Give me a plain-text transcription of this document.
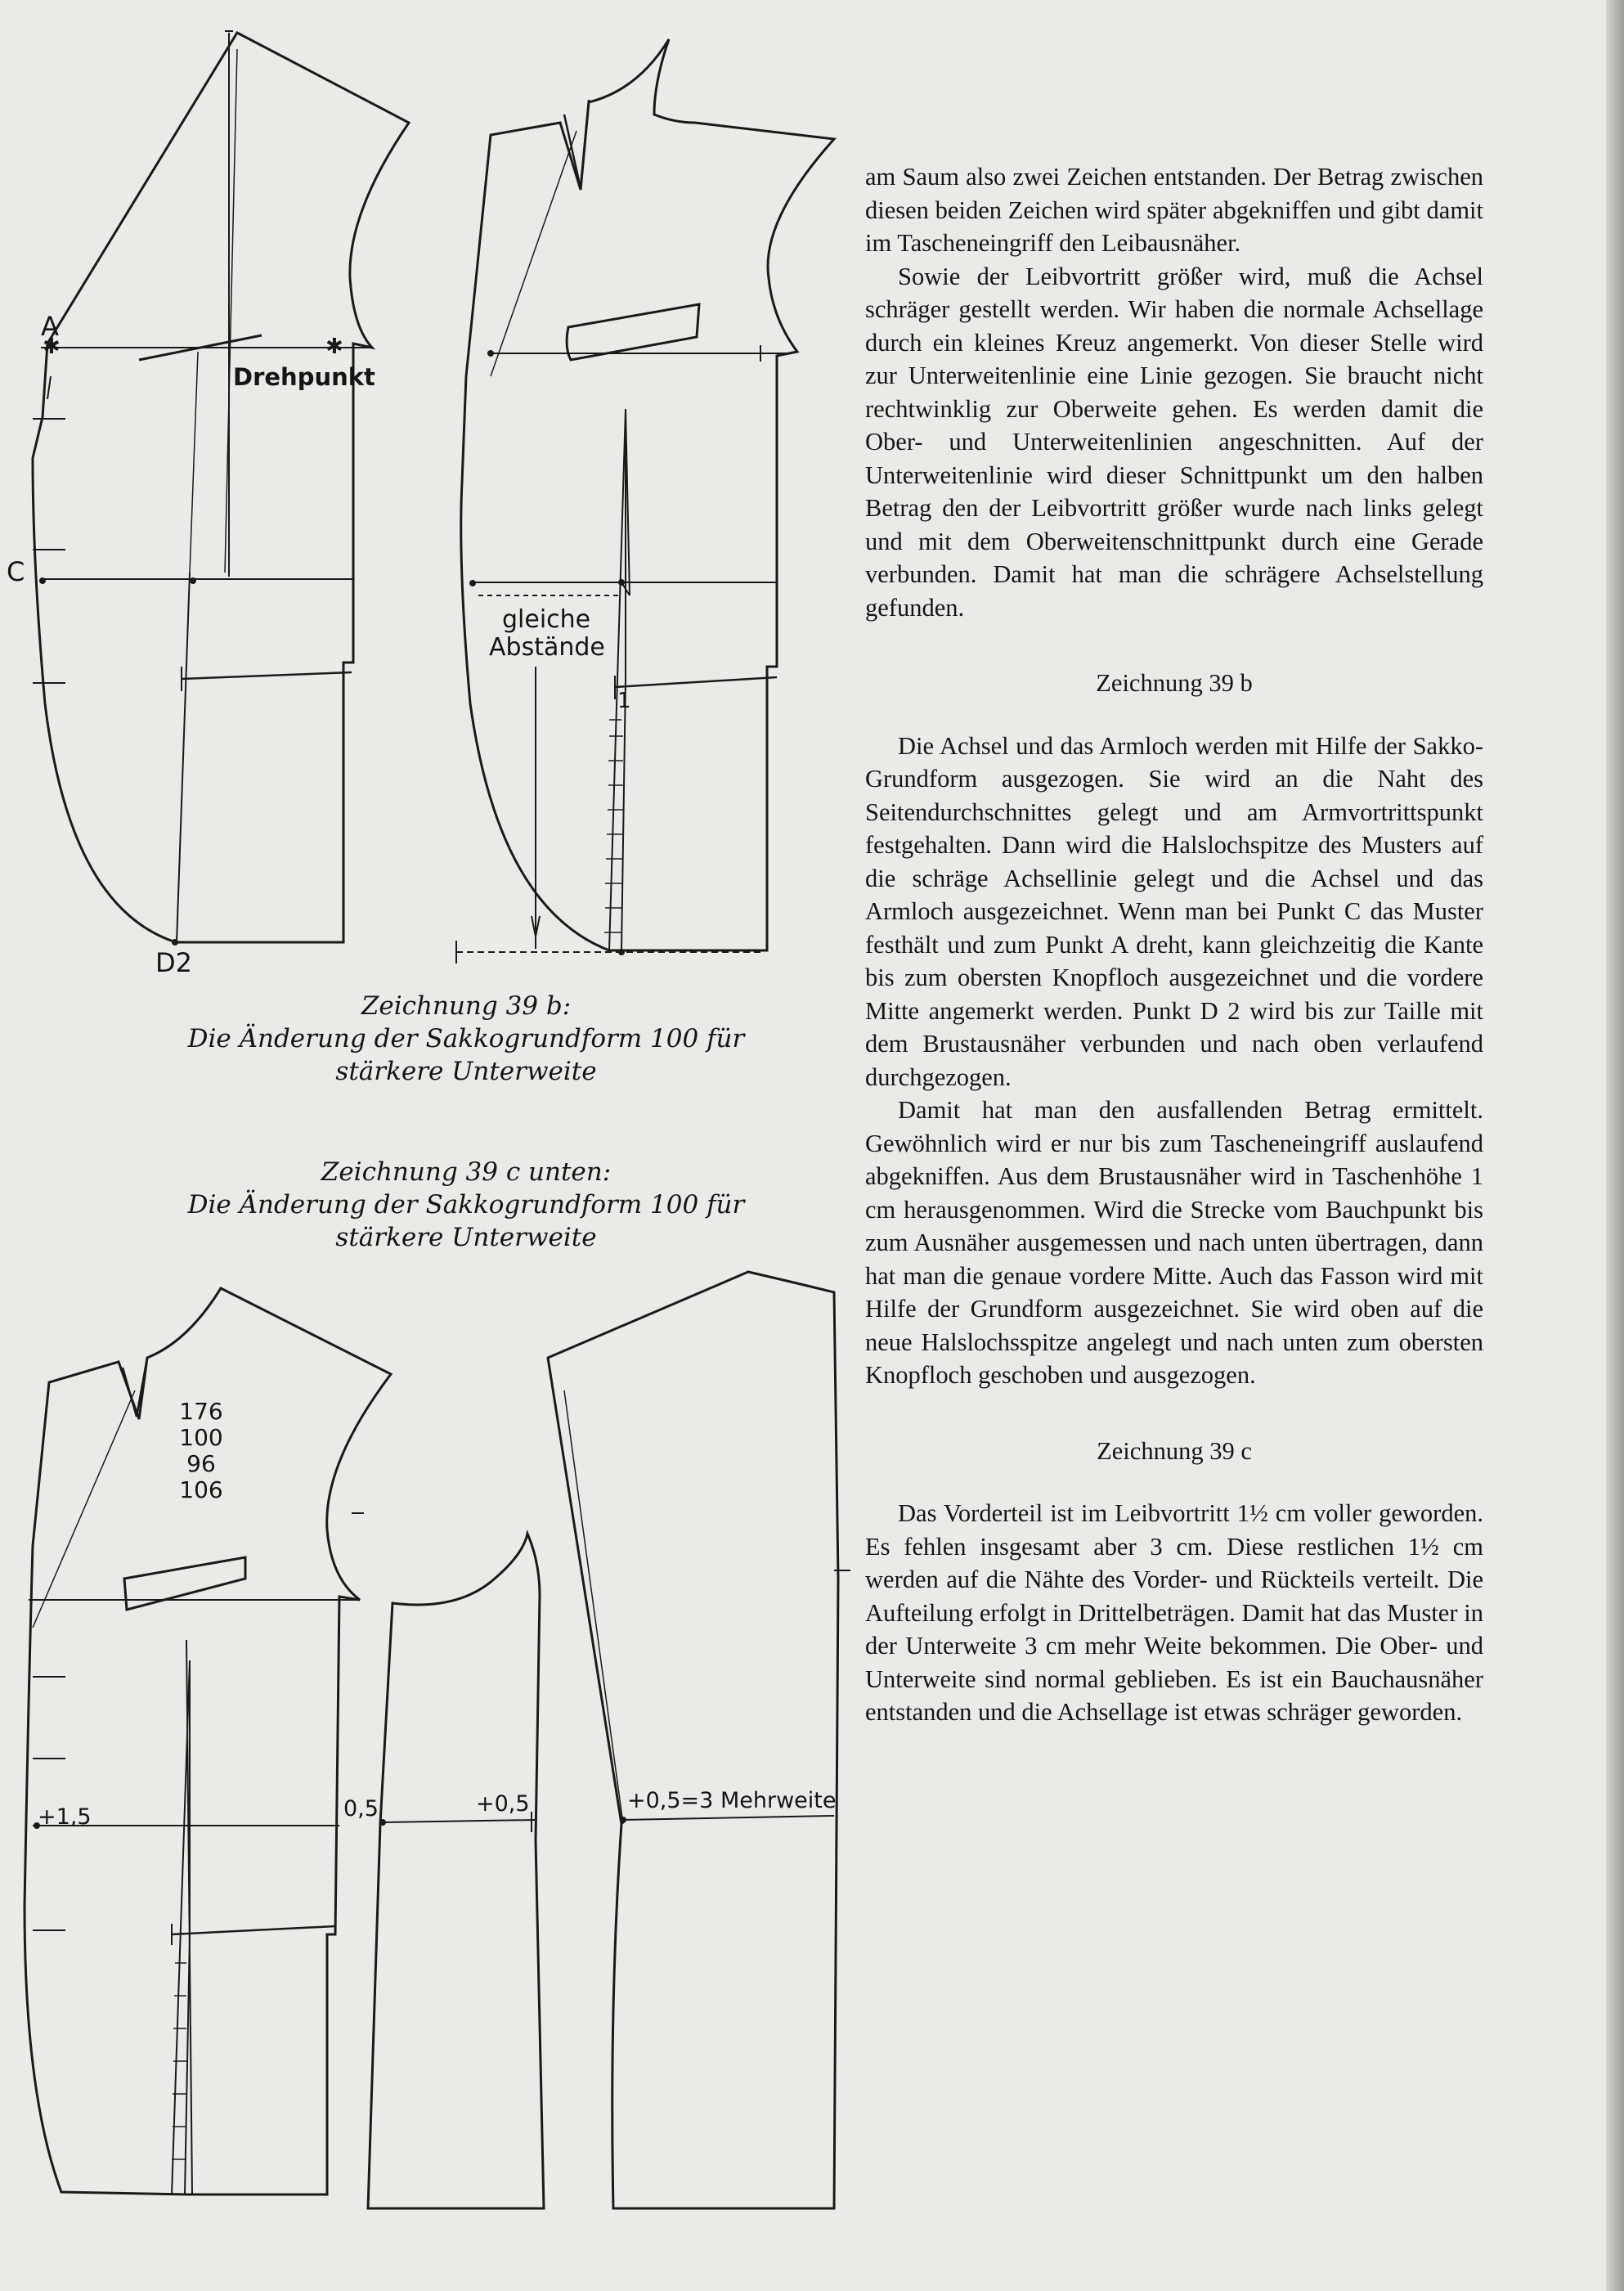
✱	✱
A
C
D2
Drehpunkt
gleiche
Abstände
1
176
100
96
106
+1,5	0,5	+0,5	+0,5=3 Mehrweite
Zeichnung 39 b:
Die Änderung der Sakkogrundform 100 für
stärkere Unterweite
Zeichnung 39 c unten:
Die Änderung der Sakkogrundform 100 für
stärkere Unterweite

am Saum also zwei Zeichen entstanden. Der Betrag zwischen diesen beiden Zeichen wird später abgekniffen und gibt damit im Tascheneingriff den Leibausnäher.

Sowie der Leibvortritt größer wird, muß die Achsel schräger gestellt werden. Wir haben die normale Achsellage durch ein kleines Kreuz angemerkt. Von dieser Stelle wird zur Unterweitenlinie eine Linie gezogen. Sie braucht nicht rechtwinklig zur Oberweite gehen. Es werden damit die Ober- und Unterweitenlinien angeschnitten. Auf der Unterweitenlinie wird dieser Schnittpunkt um den halben Betrag den der Leibvortritt größer wurde nach links gelegt und mit dem Oberweitenschnittpunkt durch eine Gerade verbunden. Damit hat man die schrägere Achselstellung gefunden.

Zeichnung 39 b

Die Achsel und das Armloch werden mit Hilfe der Sakko-Grundform ausgezogen. Sie wird an die Naht des Seitendurchschnittes gelegt und am Armvortrittspunkt festgehalten. Dann wird die Halslochspitze des Musters auf die schräge Achsellinie gelegt und die Achsel und das Armloch ausgezeichnet. Wenn man bei Punkt C das Muster festhält und zum Punkt A dreht, kann gleichzeitig die Kante bis zum obersten Knopfloch ausgezeichnet und die vordere Mitte angemerkt werden. Punkt D 2 wird bis zur Taille mit dem Brustausnäher verbunden und nach oben verlaufend durchgezogen.

Damit hat man den ausfallenden Betrag ermittelt. Gewöhnlich wird er nur bis zum Tascheneingriff auslaufend abgekniffen. Aus dem Brustausnäher wird in Taschenhöhe 1 cm herausgenommen. Wird die Strecke vom Bauchpunkt bis zum Ausnäher ausgemessen und nach unten übertragen, dann hat man die genaue vordere Mitte. Auch das Fasson wird mit Hilfe der Grundform ausgezeichnet. Sie wird oben auf die neue Halslochsspitze angelegt und nach unten zum obersten Knopfloch geschoben und ausgezogen.

Zeichnung 39 c

Das Vorderteil ist im Leibvortritt 1½ cm voller geworden. Es fehlen insgesamt aber 3 cm. Diese restlichen 1½ cm werden auf die Nähte des Vorder- und Rückteils verteilt. Die Aufteilung erfolgt in Drittelbeträgen. Damit hat das Muster in der Unterweite 3 cm mehr Weite bekommen. Die Ober- und Unterweite sind normal geblieben. Es ist ein Bauchausnäher entstanden und die Achsellage ist etwas schräger geworden.
